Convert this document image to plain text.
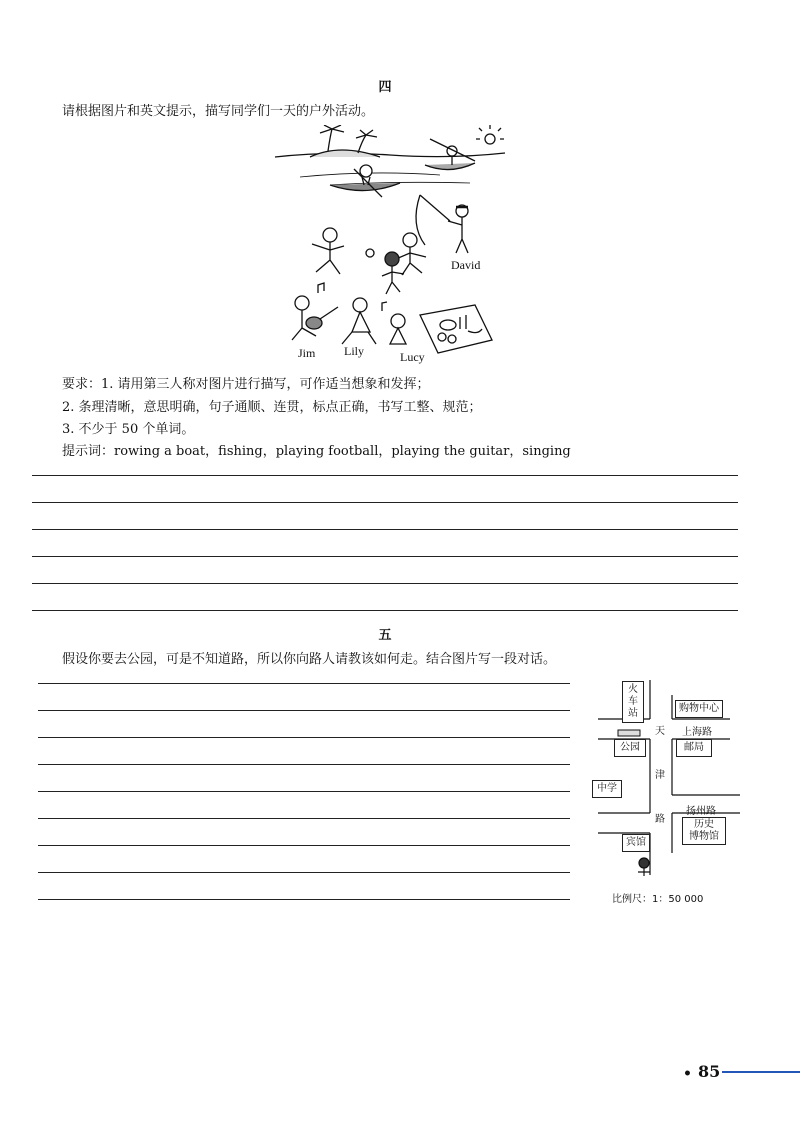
四
请根据图片和英文提示，描写同学们一天的户外活动。
David
Jim Lily	Lucy
要求：1. 请用第三人称对图片进行描写，可作适当想象和发挥；
2. 条理清晰，意思明确，句子通顺、连贯，标点正确，书写工整、规范；
3. 不少于 50 个单词。
提示词：rowing a boat，fishing，playing football，playing the guitar，singing
五
假设你要去公园，可是不知道路，所以你向路人请教该如何走。结合图片写一段对话。
火
车
站	购物中心
上海路
公园	邮局
天
津
路
中学
扬州路
历史
博物馆
宾馆
比例尺：1：50 000
• 85
